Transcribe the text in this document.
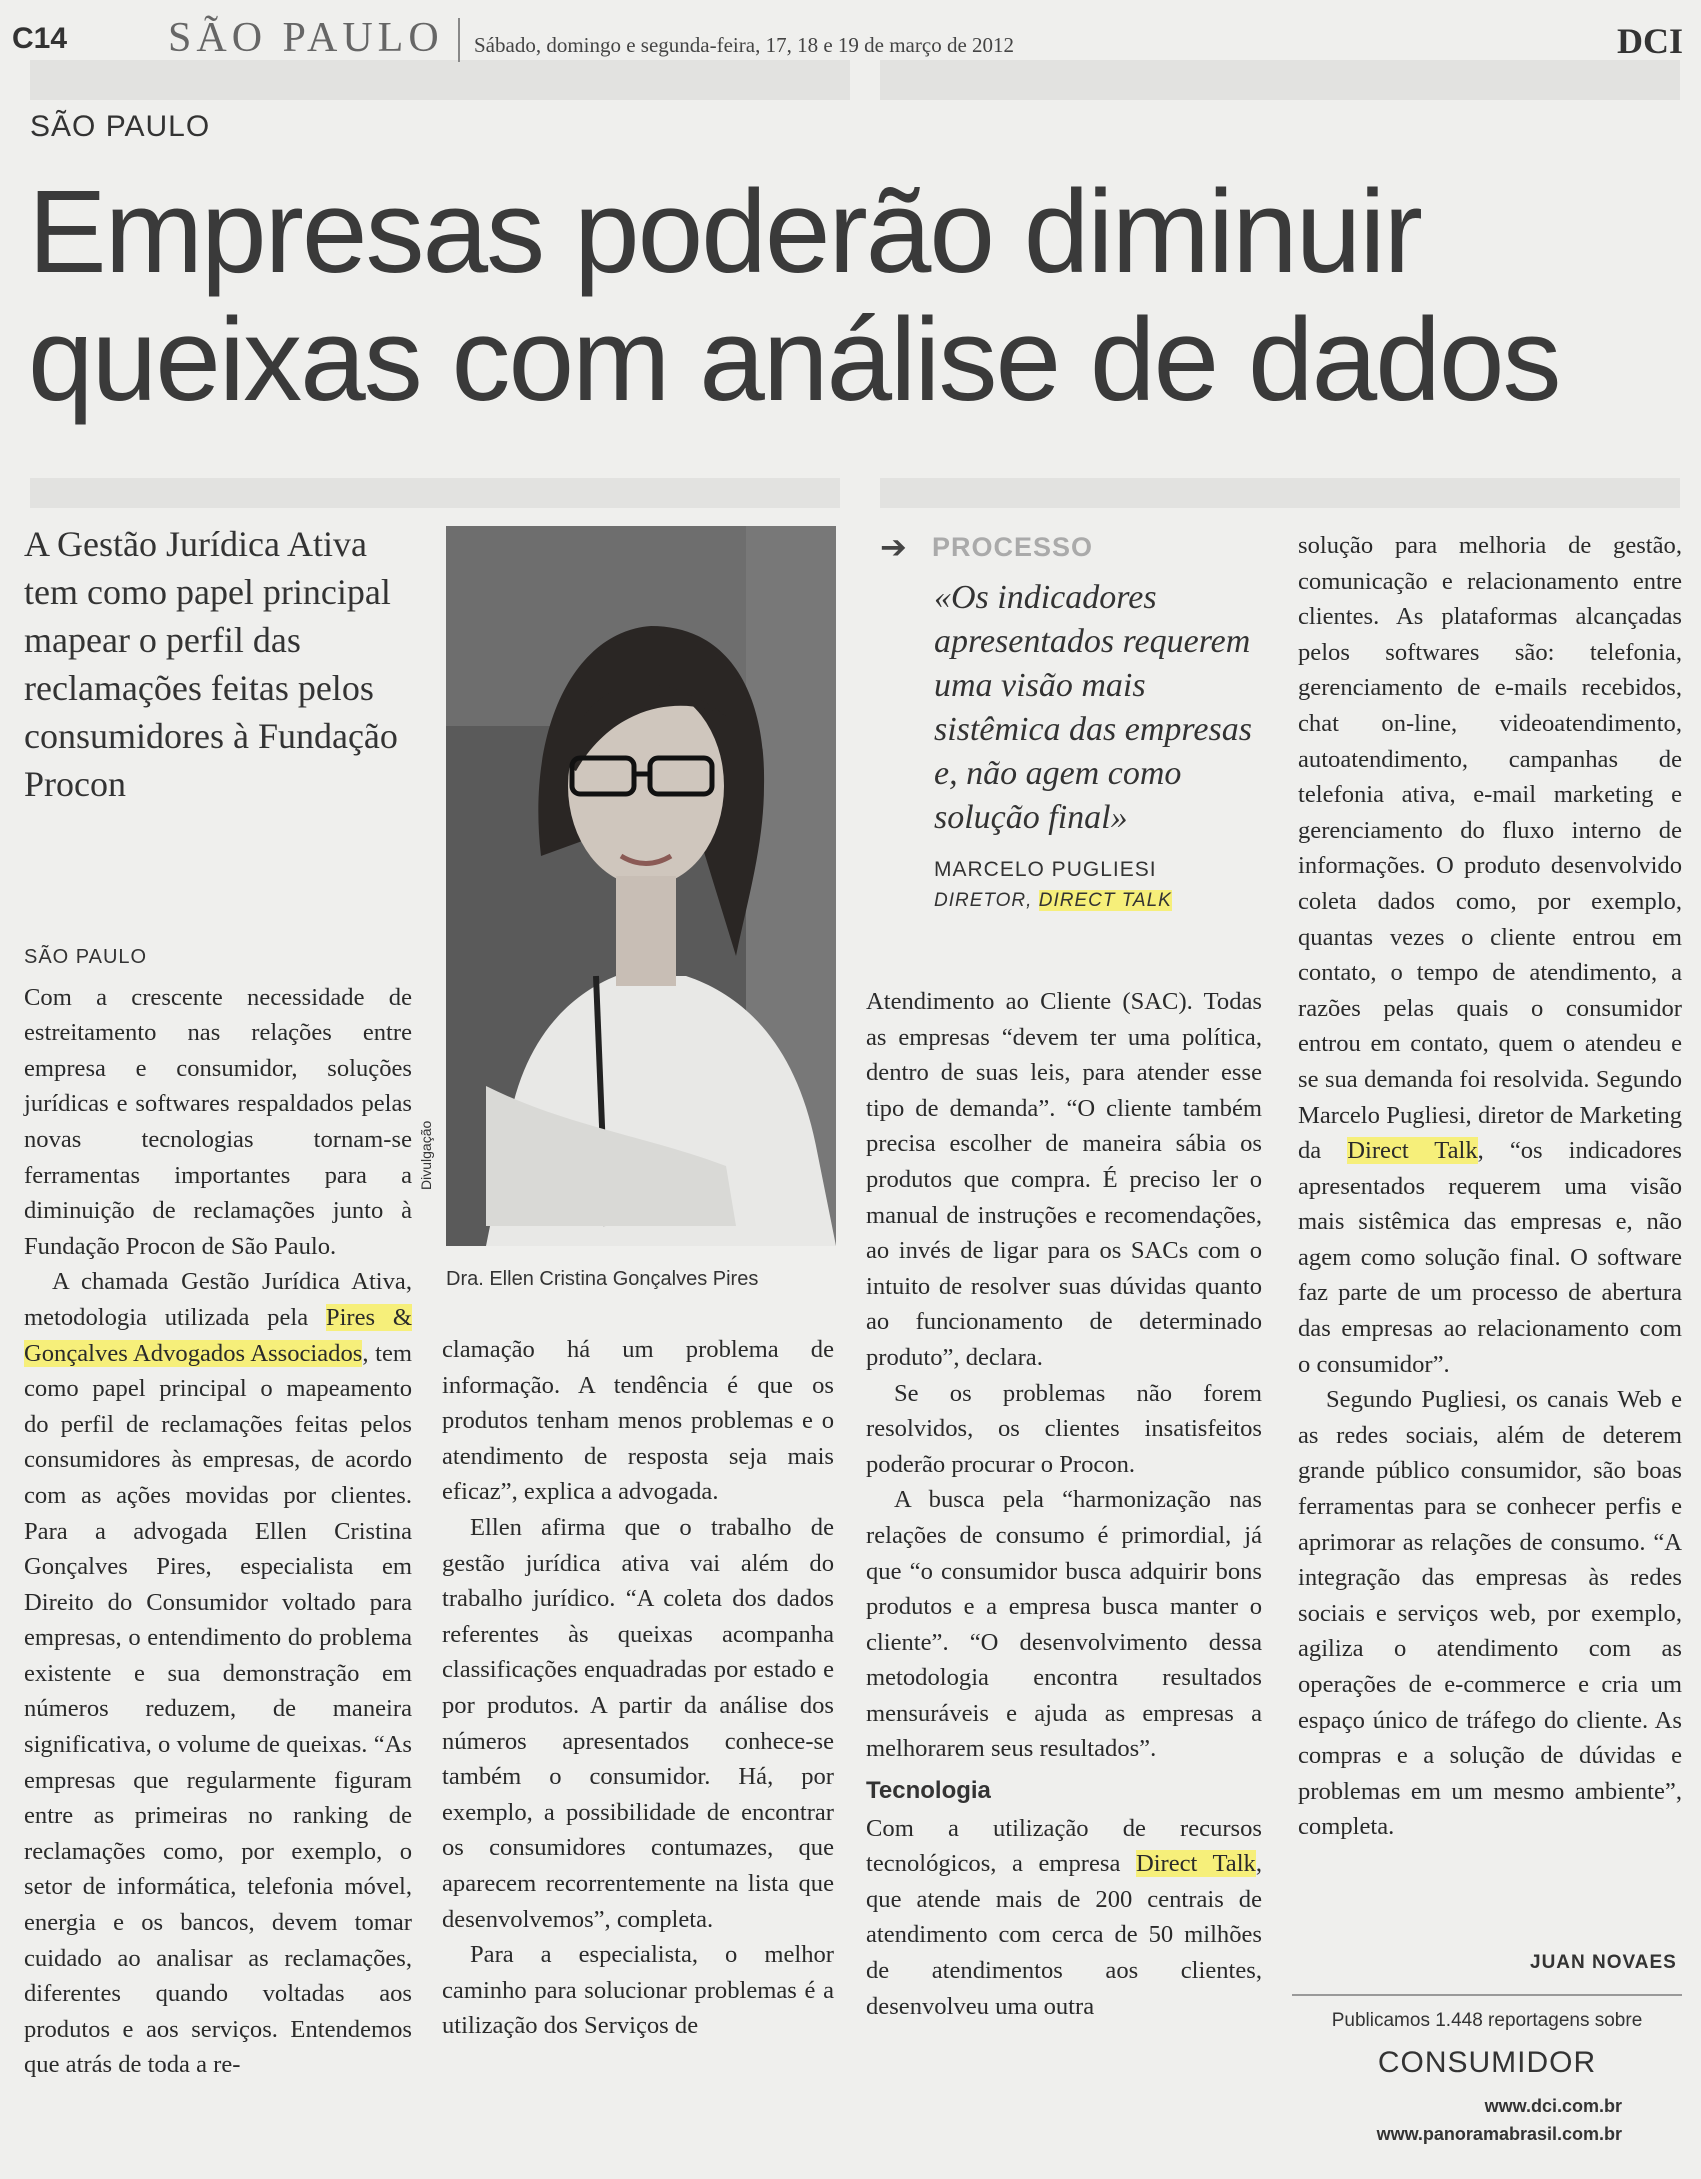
C14 SÃO PAULO Sábado, domingo e segunda-feira, 17, 18 e 19 de março de 2012	DCI
SÃO PAULO
Empresas poderão diminuir
queixas com análise de dados
A Gestão Jurídica Ativa tem como papel principal mapear o perfil das reclamações feitas pelos consumidores à Fundação Procon
SÃO PAULO

Com a crescente necessidade de estreitamento nas relações entre empresa e consumidor, soluções jurídicas e softwares respaldados pelas novas tecnologias tornam-se ferramentas importantes para a diminuição de reclamações junto à Fundação Procon de São Paulo.

A chamada Gestão Jurídica Ativa, metodologia utilizada pela Pires & Gonçalves Advogados Associados, tem como papel principal o mapeamento do perfil de reclamações feitas pelos consumidores às empresas, de acordo com as ações movidas por clientes. Para a advogada Ellen Cristina Gonçalves Pires, especialista em Direito do Consumidor voltado para empresas, o entendimento do problema existente e sua demonstração em números reduzem, de maneira significativa, o volume de queixas. “As empresas que regularmente figuram entre as primeiras no ranking de reclamações como, por exemplo, o setor de informática, telefonia móvel, energia e os bancos, devem tomar cuidado ao analisar as reclamações, diferentes quando voltadas aos produtos e aos serviços. Entendemos que atrás de toda a re-

Divulgação
Dra. Ellen Cristina Gonçalves Pires

clamação há um problema de informação. A tendência é que os produtos tenham menos problemas e o atendimento de resposta seja mais eficaz”, explica a advogada.

Ellen afirma que o trabalho de gestão jurídica ativa vai além do trabalho jurídico. “A coleta dos dados referentes às queixas acompanha classificações enquadradas por estado e por produtos. A partir da análise dos números apresentados conhece-se também o consumidor. Há, por exemplo, a possibilidade de encontrar os consumidores contumazes, que aparecem recorrentemente na lista que desenvolvemos”, completa.

Para a especialista, o melhor caminho para solucionar problemas é a utilização dos Serviços de

➔ PROCESSO
«Os indicadores apresentados requerem uma visão mais sistêmica das empresas e, não agem como solução final»
MARCELO PUGLIESI
DIRETOR, DIRECT TALK

Atendimento ao Cliente (SAC). Todas as empresas “devem ter uma política, dentro de suas leis, para atender esse tipo de demanda”. “O cliente também precisa escolher de maneira sábia os produtos que compra. É preciso ler o manual de instruções e recomendações, ao invés de ligar para os SACs com o intuito de resolver suas dúvidas quanto ao funcionamento de determinado produto”, declara.

Se os problemas não forem resolvidos, os clientes insatisfeitos poderão procurar o Procon.

A busca pela “harmonização nas relações de consumo é primordial, já que “o consumidor busca adquirir bons produtos e a empresa busca manter o cliente”. “O desenvolvimento dessa metodologia encontra resultados mensuráveis e ajuda as empresas a melhorarem seus resultados”.

Tecnologia

Com a utilização de recursos tecnológicos, a empresa Direct Talk, que atende mais de 200 centrais de atendimento com cerca de 50 milhões de atendimentos aos clientes, desenvolveu uma outra

solução para melhoria de gestão, comunicação e relacionamento entre clientes. As plataformas alcançadas pelos softwares são: telefonia, gerenciamento de e-mails recebidos, chat on-line, videoatendimento, autoatendimento, campanhas de telefonia ativa, e-mail marketing e gerenciamento do fluxo interno de informações. O produto desenvolvido coleta dados como, por exemplo, quantas vezes o cliente entrou em contato, o tempo de atendimento, a razões pelas quais o consumidor entrou em contato, quem o atendeu e se sua demanda foi resolvida. Segundo Marcelo Pugliesi, diretor de Marketing da Direct Talk, “os indicadores apresentados requerem uma visão mais sistêmica das empresas e, não agem como solução final. O software faz parte de um processo de abertura das empresas ao relacionamento com o consumidor”.

Segundo Pugliesi, os canais Web e as redes sociais, além de deterem grande público consumidor, são boas ferramentas para se conhecer perfis e aprimorar as relações de consumo. “A integração das empresas às redes sociais e serviços web, por exemplo, agiliza o atendimento com as operações de e-commerce e cria um espaço único de tráfego do cliente. As compras e a solução de dúvidas e problemas em um mesmo ambiente”, completa.

JUAN NOVAES
Publicamos 1.448 reportagens sobre
CONSUMIDOR
www.dci.com.br
www.panoramabrasil.com.br
